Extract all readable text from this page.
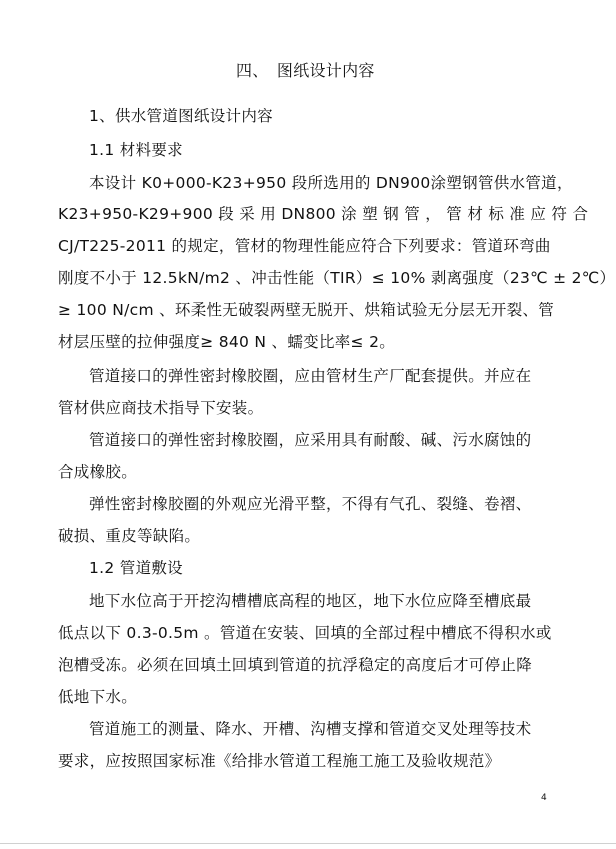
四、　图纸设计内容
1、供水管道图纸设计内容
1.1 材料要求
本设计 K0+000-K23+950 段所选用的 DN900涂塑钢管供水管道，
K23+950-K29+900 段 采 用 DN800 涂 塑 钢 管 ， 管 材 标 准 应 符 合
CJ/T225-2011 的规定，管材的物理性能应符合下列要求：管道环弯曲
刚度不小于 12.5kN/m2 、冲击性能（TIR）≤ 10% 剥离强度（23℃ ± 2℃）
≥ 100 N/cm 、环柔性无破裂两壁无脱开、烘箱试验无分层无开裂、管
材层压壁的拉伸强度≥ 840 N 、蠕变比率≤ 2。
管道接口的弹性密封橡胶圈，应由管材生产厂配套提供。并应在
管材供应商技术指导下安装。
管道接口的弹性密封橡胶圈，应采用具有耐酸、碱、污水腐蚀的
合成橡胶。
弹性密封橡胶圈的外观应光滑平整，不得有气孔、裂缝、卷褶、
破损、重皮等缺陷。
1.2 管道敷设
地下水位高于开挖沟槽槽底高程的地区，地下水位应降至槽底最
低点以下 0.3-0.5m 。管道在安装、回填的全部过程中槽底不得积水或
泡槽受冻。必须在回填土回填到管道的抗浮稳定的高度后才可停止降
低地下水。
管道施工的测量、降水、开槽、沟槽支撑和管道交叉处理等技术
要求，应按照国家标准《给排水管道工程施工施工及验收规范》
4
